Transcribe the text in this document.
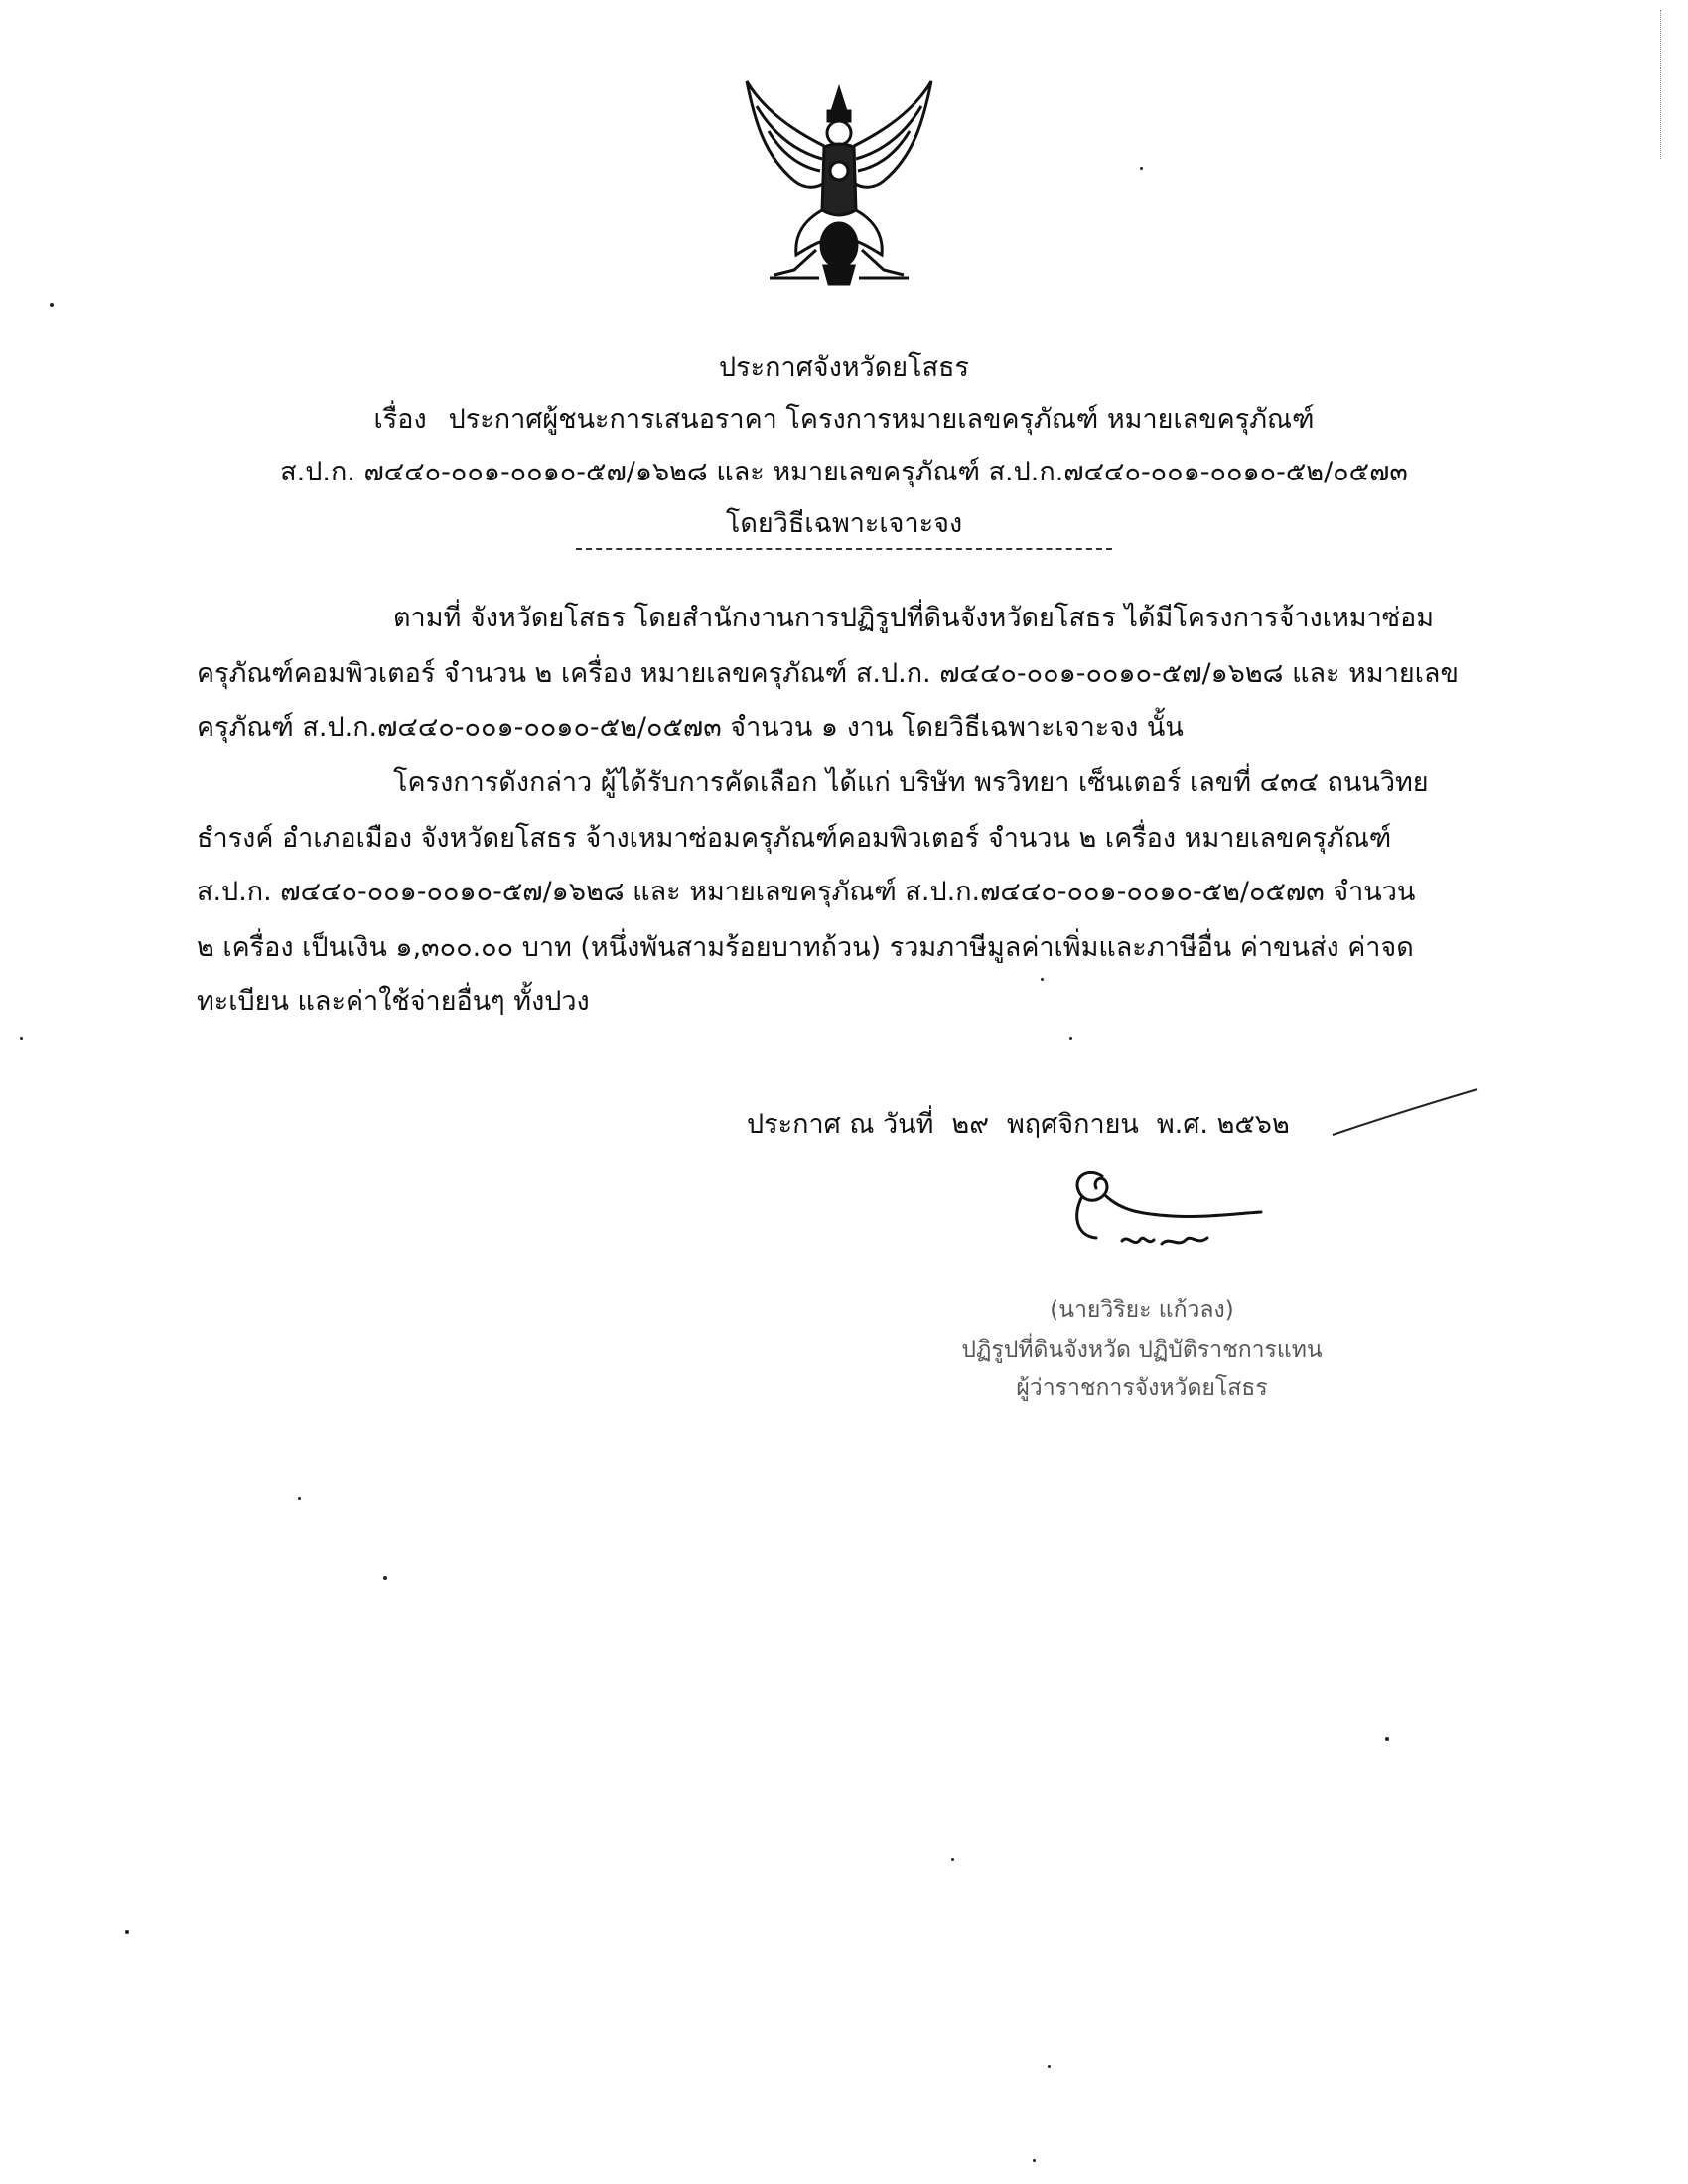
ประกาศจังหวัดยโสธร
เรื่อง ประกาศผู้ชนะการเสนอราคา โครงการหมายเลขครุภัณฑ์ หมายเลขครุภัณฑ์
ส.ป.ก. ๗๔๔๐-๐๐๑-๐๐๑๐-๕๗/๑๖๒๘ และ หมายเลขครุภัณฑ์ ส.ป.ก.๗๔๔๐-๐๐๑-๐๐๑๐-๕๒/๐๕๗๓
โดยวิธีเฉพาะเจาะจง
ตามที่ จังหวัดยโสธร โดยสำนักงานการปฏิรูปที่ดินจังหวัดยโสธร ได้มีโครงการจ้างเหมาซ่อม
ครุภัณฑ์คอมพิวเตอร์ จำนวน ๒ เครื่อง หมายเลขครุภัณฑ์ ส.ป.ก. ๗๔๔๐-๐๐๑-๐๐๑๐-๕๗/๑๖๒๘ และ หมายเลข
ครุภัณฑ์ ส.ป.ก.๗๔๔๐-๐๐๑-๐๐๑๐-๕๒/๐๕๗๓ จำนวน ๑ งาน โดยวิธีเฉพาะเจาะจง นั้น
โครงการดังกล่าว ผู้ได้รับการคัดเลือก ได้แก่ บริษัท พรวิทยา เซ็นเตอร์ เลขที่ ๔๓๔ ถนนวิทย
ธำรงค์ อำเภอเมือง จังหวัดยโสธร จ้างเหมาซ่อมครุภัณฑ์คอมพิวเตอร์ จำนวน ๒ เครื่อง หมายเลขครุภัณฑ์
ส.ป.ก. ๗๔๔๐-๐๐๑-๐๐๑๐-๕๗/๑๖๒๘ และ หมายเลขครุภัณฑ์ ส.ป.ก.๗๔๔๐-๐๐๑-๐๐๑๐-๕๒/๐๕๗๓ จำนวน
๒ เครื่อง เป็นเงิน ๑,๓๐๐.๐๐ บาท (หนึ่งพันสามร้อยบาทถ้วน) รวมภาษีมูลค่าเพิ่มและภาษีอื่น ค่าขนส่ง ค่าจด
ทะเบียน และค่าใช้จ่ายอื่นๆ ทั้งปวง
ประกาศ ณ วันที่ ๒๙ พฤศจิกายน พ.ศ. ๒๕๖๒
(นายวิริยะ แก้วลง)
ปฏิรูปที่ดินจังหวัด ปฏิบัติราชการแทน
ผู้ว่าราชการจังหวัดยโสธร
